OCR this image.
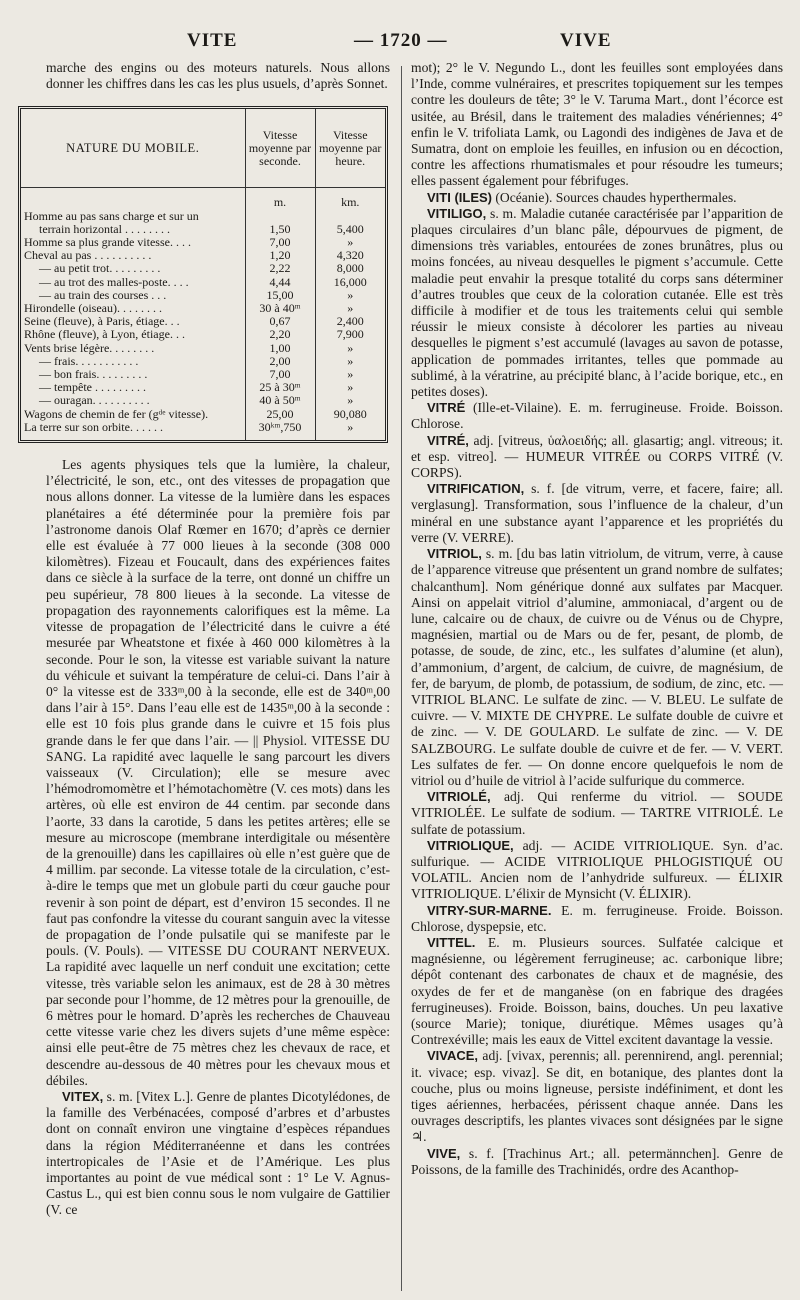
VITE	— 1720 —	VIVE

marche des engins ou des moteurs naturels. Nous allons donner les chiffres dans les cas les plus usuels, d’après Sonnet.

NATURE DU MOBILE.	Vitesse moyenne par seconde.	Vitesse moyenne par heure.
	m.	km.
Homme au pas sans charge et sur un		
terrain horizontal . . . . . . . .	1,50	5,400
Homme sa plus grande vitesse. . . .	7,00	»
Cheval au pas . . . . . . . . . .	1,20	4,320
— au petit trot. . . . . . . . .	2,22	8,000
— au trot des malles-poste. . . .	4,44	16,000
— au train des courses . . .	15,00	»
Hirondelle (oiseau). . . . . . . .	30 à 40ᵐ	»
Seine (fleuve), à Paris, étiage. . .	0,67	2,400
Rhône (fleuve), à Lyon, étiage. . .	2,20	7,900
Vents brise légère. . . . . . . .	1,00	»
— frais. . . . . . . . . . .	2,00	»
— bon frais. . . . . . . . .	7,00	»
— tempête . . . . . . . . .	25 à 30ᵐ	»
— ouragan. . . . . . . . . .	40 à 50ᵐ	»
Wagons de chemin de fer (gᵈᵉ vitesse).	25,00	90,080
La terre sur son orbite. . . . . .	30ᵏᵐ,750	»

Les agents physiques tels que la lumière, la chaleur, l’électricité, le son, etc., ont des vitesses de propagation que nous allons donner. La vitesse de la lumière dans les espaces planétaires a été déterminée pour la première fois par l’astronome danois Olaf Rœmer en 1670; d’après ce dernier elle est évaluée à 77 000 lieues à la seconde (308 000 kilomètres). Fizeau et Foucault, dans des expériences faites dans ce siècle à la surface de la terre, ont donné un chiffre un peu supérieur, 78 800 lieues à la seconde. La vitesse de propagation des rayonnements calorifiques est la même. La vitesse de propagation de l’électricité dans le cuivre a été mesurée par Wheatstone et fixée à 460 000 kilomètres à la seconde. Pour le son, la vitesse est variable suivant la nature du véhicule et suivant la température de celui-ci. Dans l’air à 0° la vitesse est de 333ᵐ,00 à la seconde, elle est de 340ᵐ,00 dans l’air à 15°. Dans l’eau elle est de 1435ᵐ,00 à la seconde : elle est 10 fois plus grande dans le cuivre et 15 fois plus grande dans le fer que dans l’air. — || Physiol. VITESSE DU SANG. La rapidité avec laquelle le sang parcourt les divers vaisseaux (V. Circulation); elle se mesure avec l’hémodromomètre et l’hémotachomètre (V. ces mots) dans les artères, où elle est environ de 44 centim. par seconde dans l’aorte, 33 dans la carotide, 5 dans les petites artères; elle se mesure au microscope (membrane interdigitale ou mésentère de la grenouille) dans les capillaires où elle n’est guère que de 4 millim. par seconde. La vitesse totale de la circulation, c’est-à-dire le temps que met un globule parti du cœur gauche pour revenir à son point de départ, est d’environ 15 secondes. Il ne faut pas confondre la vitesse du courant sanguin avec la vitesse de propagation de l’onde pulsatile qui se manifeste par le pouls. (V. Pouls). — VITESSE DU COURANT NERVEUX. La rapidité avec laquelle un nerf conduit une excitation; cette vitesse, très variable selon les animaux, est de 28 à 30 mètres par seconde pour l’homme, de 12 mètres pour la grenouille, de 6 mètres pour le homard. D’après les recherches de Chauveau cette vitesse varie chez les divers sujets d’une même espèce: ainsi elle peut-être de 75 mètres chez les chevaux de race, et descendre au-dessous de 40 mètres pour les chevaux mous et débiles.

VITEX, s. m. [Vitex L.]. Genre de plantes Dicotylédones, de la famille des Verbénacées, composé d’arbres et d’arbustes dont on connaît environ une vingtaine d’espèces répandues dans la région Méditerranéenne et dans les contrées intertropicales de l’Asie et de l’Amérique. Les plus importantes au point de vue médical sont : 1° Le V. Agnus-Castus L., qui est bien connu sous le nom vulgaire de Gattilier (V. ce

mot); 2° le V. Negundo L., dont les feuilles sont employées dans l’Inde, comme vulnéraires, et prescrites topiquement sur les tempes contre les douleurs de tête; 3° le V. Taruma Mart., dont l’écorce est usitée, au Brésil, dans le traitement des maladies vénériennes; 4° enfin le V. trifoliata Lamk, ou Lagondi des indigènes de Java et de Sumatra, dont on emploie les feuilles, en infusion ou en décoction, contre les affections rhumatismales et pour résoudre les tumeurs; elles passent également pour fébrifuges.

VITI (ILES) (Océanie). Sources chaudes hyperthermales.

VITILIGO, s. m. Maladie cutanée caractérisée par l’apparition de plaques circulaires d’un blanc pâle, dépourvues de pigment, de dimensions très variables, entourées de zones brunâtres, plus ou moins foncées, au niveau desquelles le pigment s’accumule. Cette maladie peut envahir la presque totalité du corps sans déterminer d’autres troubles que ceux de la coloration cutanée. Elle est très difficile à modifier et de tous les traitements celui qui semble réussir le mieux consiste à décolorer les parties au niveau desquelles le pigment s’est accumulé (lavages au savon de potasse, application de pommades irritantes, telles que pommade au sublimé, à la vératrine, au précipité blanc, à l’acide borique, etc., en petites doses).

VITRÉ (Ille-et-Vilaine). E. m. ferrugineuse. Froide. Boisson. Chlorose.

VITRÉ, adj. [vitreus, ὑαλοειδής; all. glasartig; angl. vitreous; it. et esp. vitreo]. — HUMEUR VITRÉE ou CORPS VITRÉ (V. CORPS).

VITRIFICATION, s. f. [de vitrum, verre, et facere, faire; all. verglasung]. Transformation, sous l’influence de la chaleur, d’un minéral en une substance ayant l’apparence et les propriétés du verre (V. VERRE).

VITRIOL, s. m. [du bas latin vitriolum, de vitrum, verre, à cause de l’apparence vitreuse que présentent un grand nombre de sulfates; chalcanthum]. Nom générique donné aux sulfates par Macquer. Ainsi on appelait vitriol d’alumine, ammoniacal, d’argent ou de lune, calcaire ou de chaux, de cuivre ou de Vénus ou de Chypre, magnésien, martial ou de Mars ou de fer, pesant, de plomb, de potasse, de soude, de zinc, etc., les sulfates d’alumine (et alun), d’ammonium, d’argent, de calcium, de cuivre, de magnésium, de fer, de baryum, de plomb, de potassium, de sodium, de zinc, etc. — VITRIOL BLANC. Le sulfate de zinc. — V. BLEU. Le sulfate de cuivre. — V. MIXTE DE CHYPRE. Le sulfate double de cuivre et de zinc. — V. DE GOULARD. Le sulfate de zinc. — V. DE SALZBOURG. Le sulfate double de cuivre et de fer. — V. VERT. Les sulfates de fer. — On donne encore quelquefois le nom de vitriol ou d’huile de vitriol à l’acide sulfurique du commerce.

VITRIOLÉ, adj. Qui renferme du vitriol. — SOUDE VITRIOLÉE. Le sulfate de sodium. — TARTRE VITRIOLÉ. Le sulfate de potassium.

VITRIOLIQUE, adj. — ACIDE VITRIOLIQUE. Syn. d’ac. sulfurique. — ACIDE VITRIOLIQUE PHLOGISTIQUÉ OU VOLATIL. Ancien nom de l’anhydride sulfureux. — ÉLIXIR VITRIOLIQUE. L’élixir de Mynsicht (V. ÉLIXIR).

VITRY-SUR-MARNE. E. m. ferrugineuse. Froide. Boisson. Chlorose, dyspepsie, etc.

VITTEL. E. m. Plusieurs sources. Sulfatée calcique et magnésienne, ou légèrement ferrugineuse; ac. carbonique libre; dépôt contenant des carbonates de chaux et de magnésie, des oxydes de fer et de manganèse (on en fabrique des dragées ferrugineuses). Froide. Boisson, bains, douches. Un peu laxative (source Marie); tonique, diurétique. Mêmes usages qu’à Contrexéville; mais les eaux de Vittel excitent davantage la vessie.

VIVACE, adj. [vivax, perennis; all. perennirend, angl. perennial; it. vivace; esp. vivaz]. Se dit, en botanique, des plantes dont la couche, plus ou moins ligneuse, persiste indéfiniment, et dont les tiges aériennes, herbacées, périssent chaque année. Dans les ouvrages descriptifs, les plantes vivaces sont désignées par le signe ♃.

VIVE, s. f. [Trachinus Art.; all. petermännchen]. Genre de Poissons, de la famille des Trachinidés, ordre des Acanthop-
